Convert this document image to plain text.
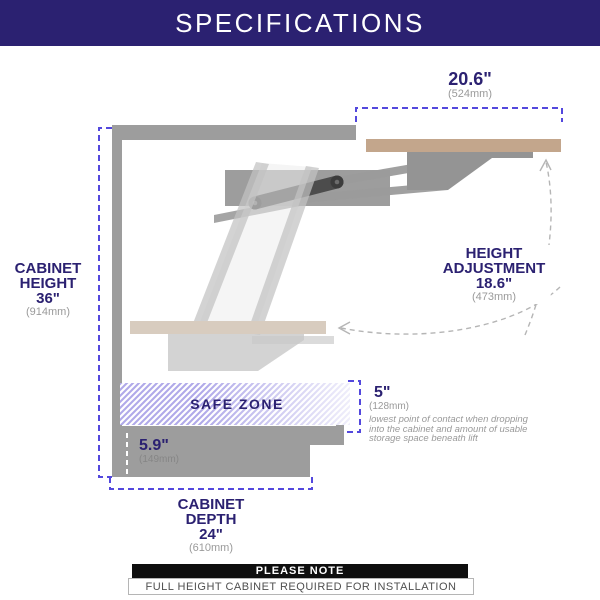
SPECIFICATIONS
20.6"
(524mm)
CABINET
HEIGHT
36"
(914mm)
HEIGHT
ADJUSTMENT
18.6"
(473mm)
SAFE ZONE
5"
(128mm)
lowest point of contact when dropping
into the cabinet and amount of usable
storage space beneath lift
5.9"
(149mm)
CABINET
DEPTH
24"
(610mm)
PLEASE NOTE
FULL HEIGHT CABINET REQUIRED FOR INSTALLATION
